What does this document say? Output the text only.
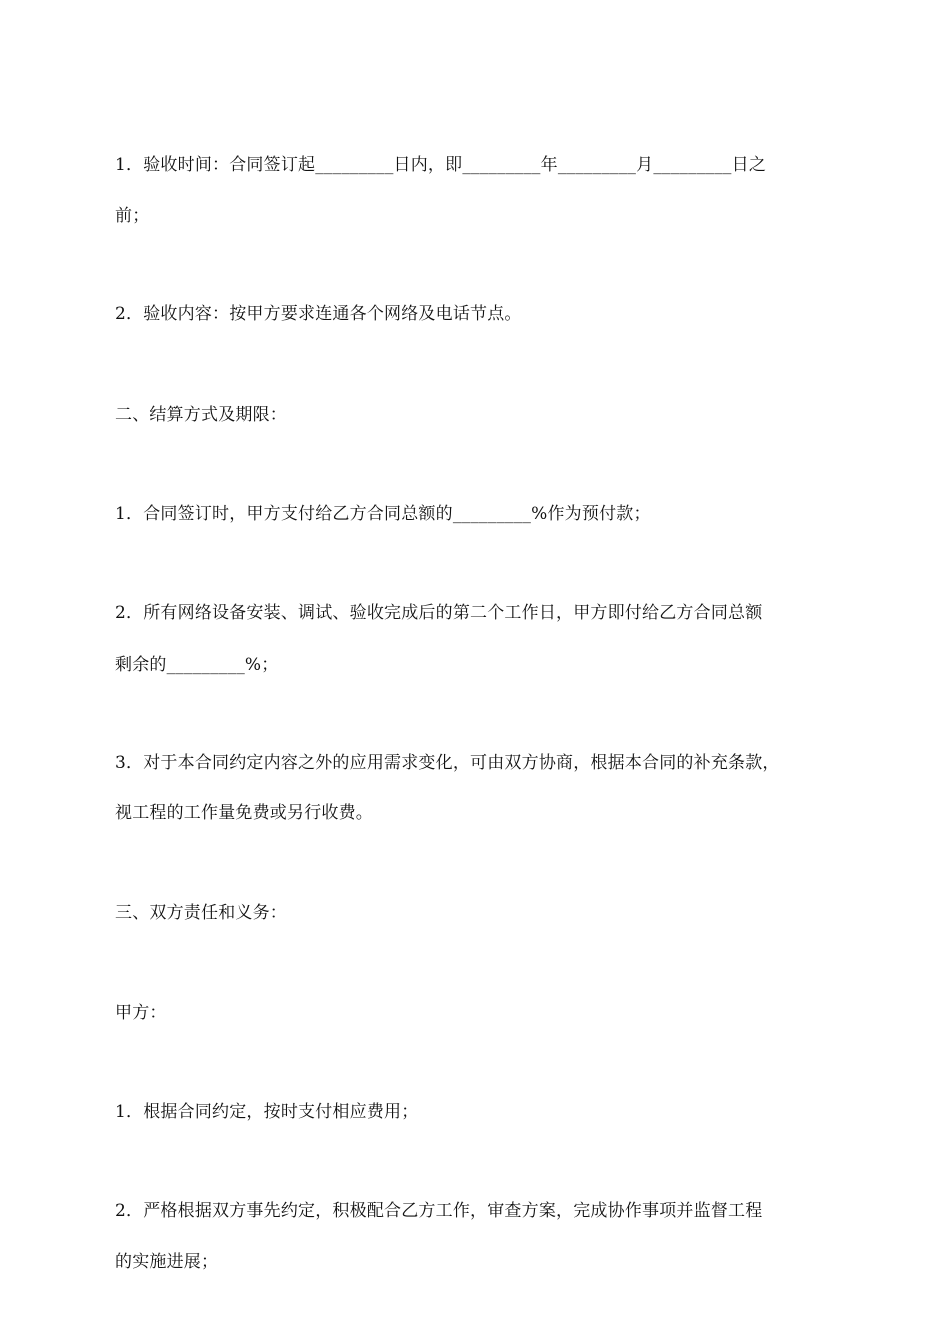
1．验收时间：合同签订起_________日内，即_________年_________月_________日之
前；
2．验收内容：按甲方要求连通各个网络及电话节点。
二、结算方式及期限：
1．合同签订时，甲方支付给乙方合同总额的_________%作为预付款；
2．所有网络设备安装、调试、验收完成后的第二个工作日，甲方即付给乙方合同总额
剩余的_________%；
3．对于本合同约定内容之外的应用需求变化，可由双方协商，根据本合同的补充条款，
视工程的工作量免费或另行收费。
三、双方责任和义务：
甲方：
1．根据合同约定，按时支付相应费用；
2．严格根据双方事先约定，积极配合乙方工作，审查方案，完成协作事项并监督工程
的实施进展；
